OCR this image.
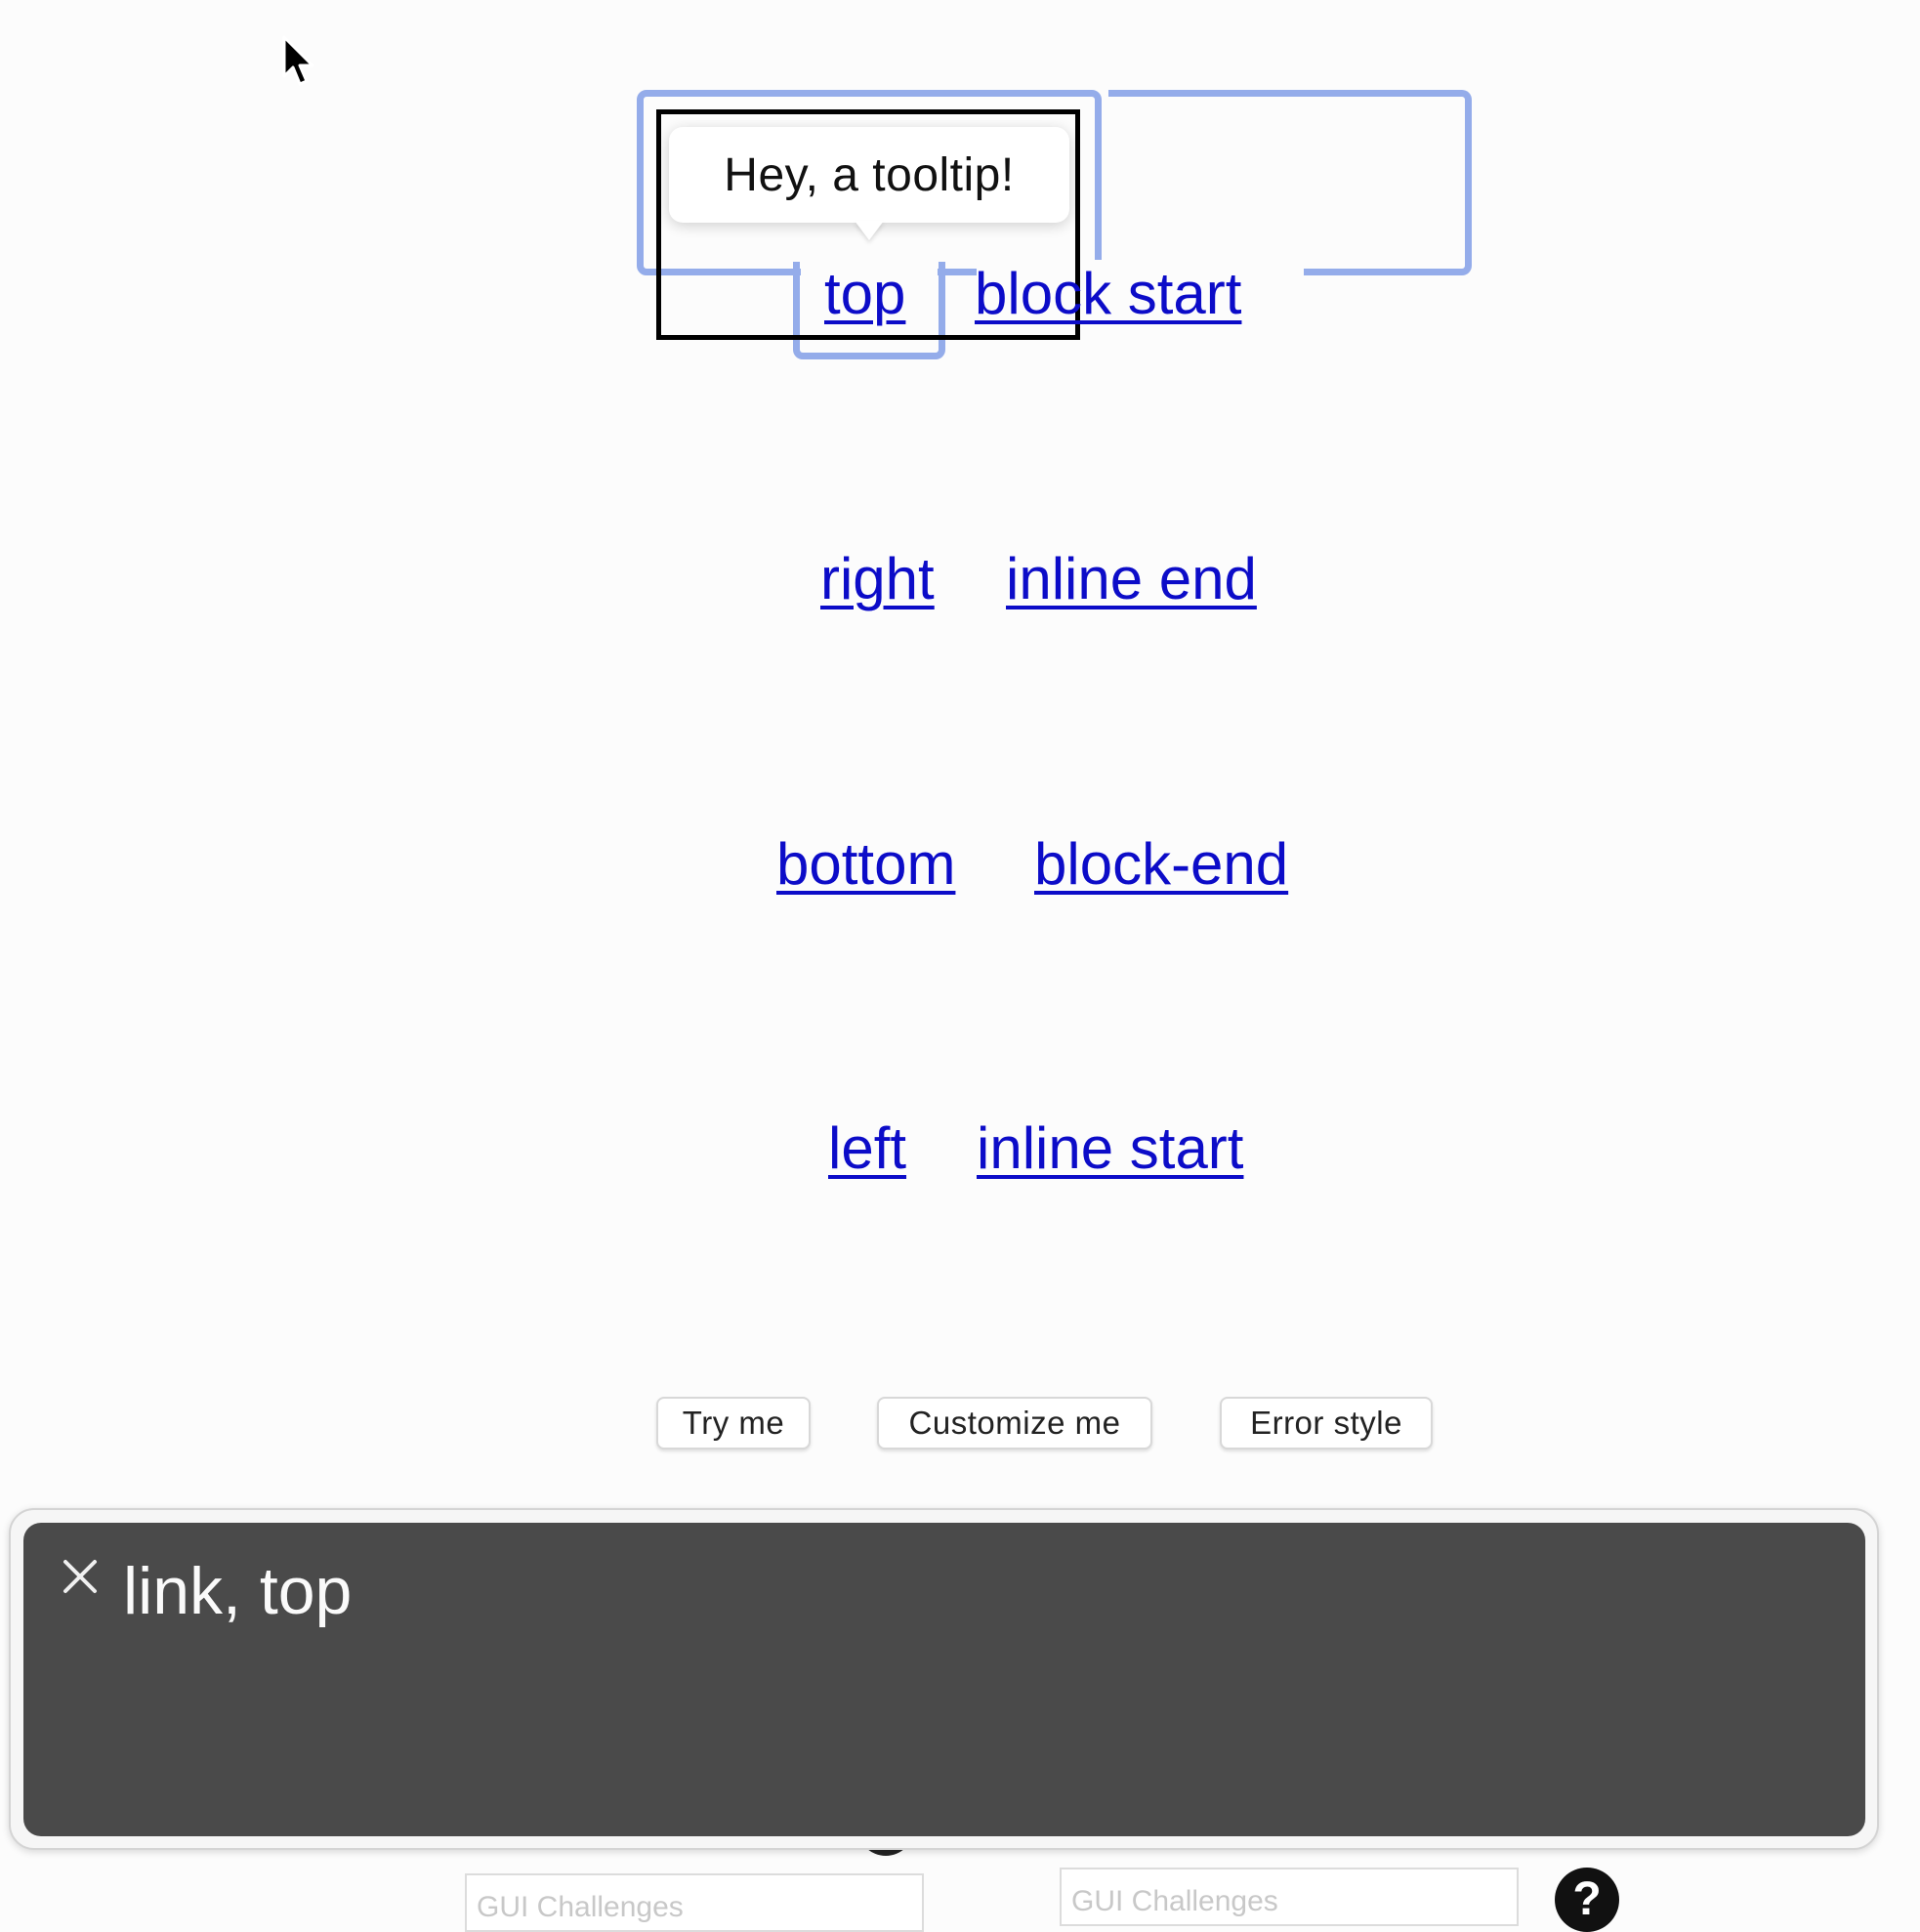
Hey, a tooltip!
top block start
right inline end
bottom block-end
left inline start
Try me	Customize me	Error style
GUI Challenges	GUI Challenges	?
link, top
